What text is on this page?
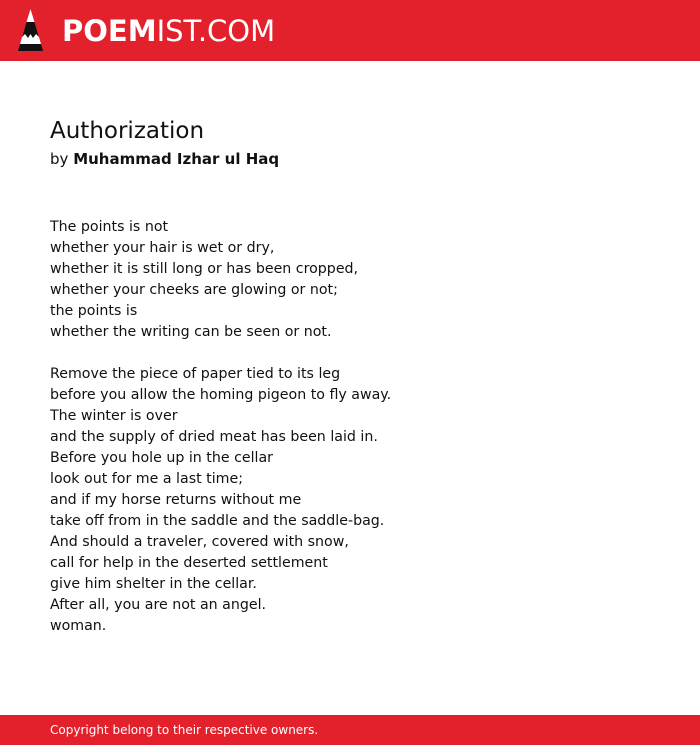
POEMIST.COM
Authorization
by Muhammad Izhar ul Haq
The points is not
whether your hair is wet or dry,
whether it is still long or has been cropped,
whether your cheeks are glowing or not;
the points is
whether the writing can be seen or not.
Remove the piece of paper tied to its leg
before you allow the homing pigeon to fly away.
The winter is over
and the supply of dried meat has been laid in.
Before you hole up in the cellar
look out for me a last time;
and if my horse returns without me
take off from in the saddle and the saddle-bag.
And should a traveler, covered with snow,
call for help in the deserted settlement
give him shelter in the cellar.
After all, you are not an angel.
woman.
Copyright belong to their respective owners.
